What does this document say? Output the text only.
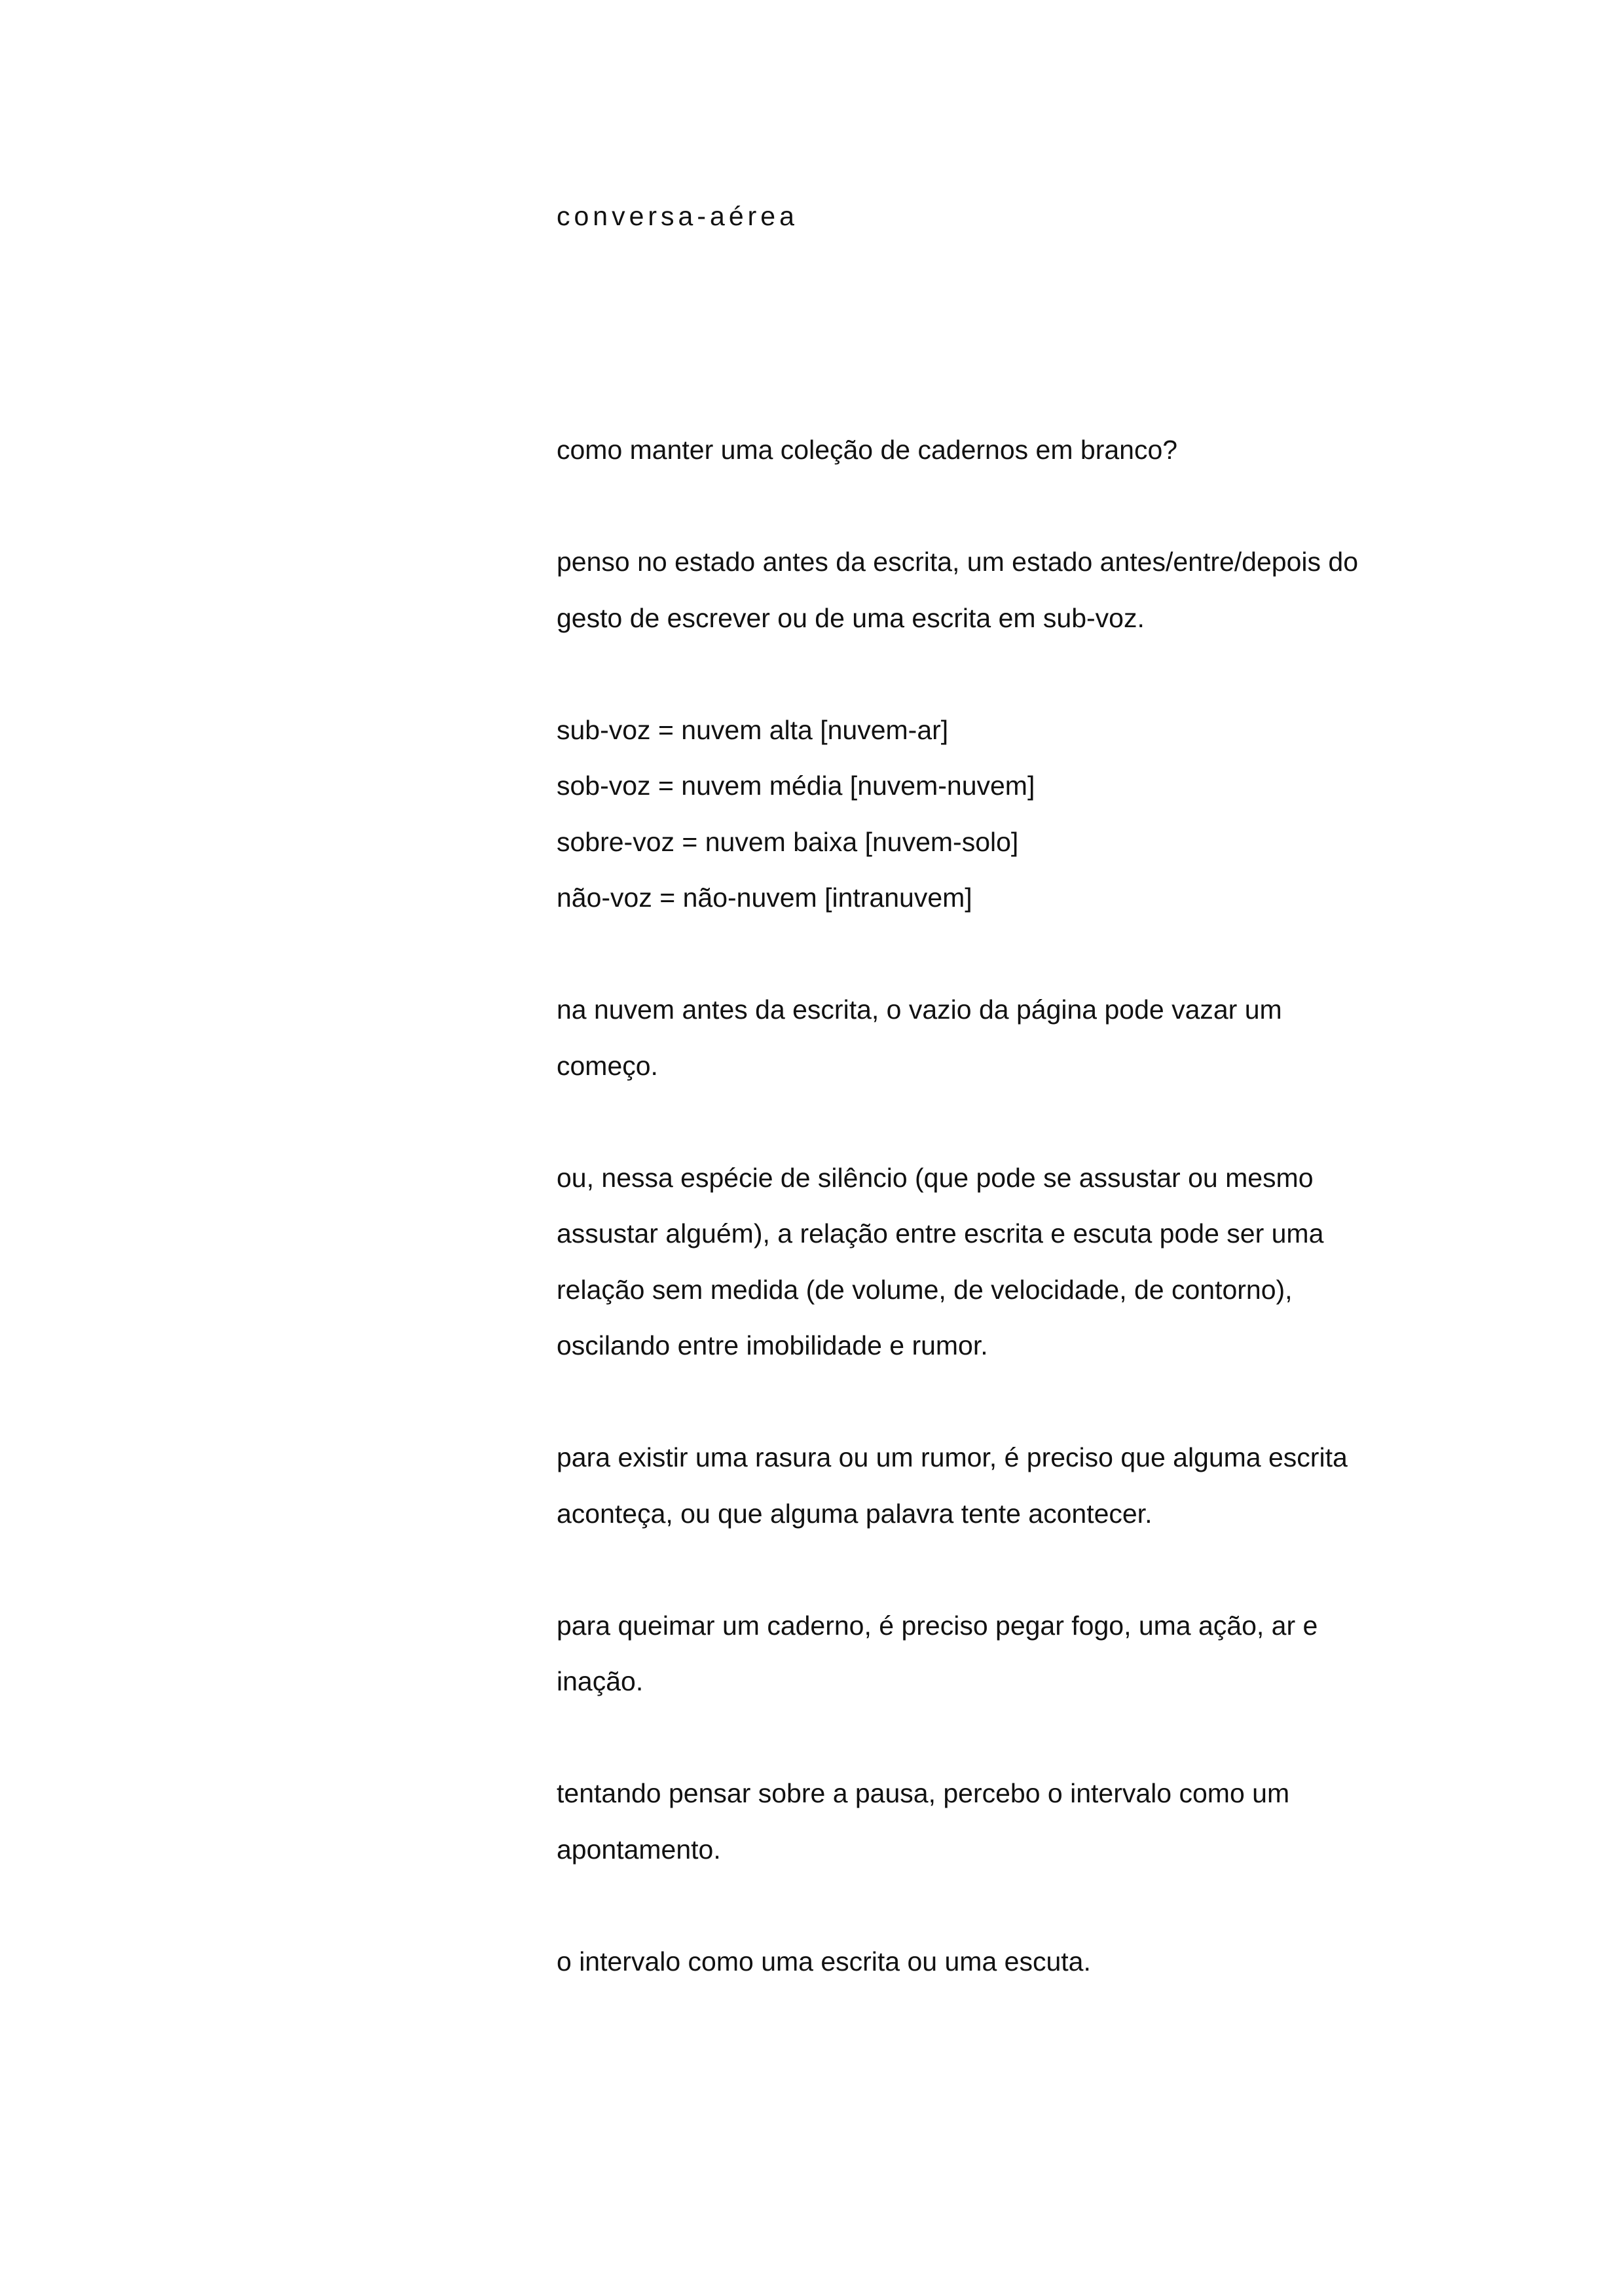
conversa-aérea

como manter uma coleção de cadernos em branco?

penso no estado antes da escrita, um estado antes/entre/depois do
gesto de escrever ou de uma escrita em sub-voz.

sub-voz = nuvem alta [nuvem-ar]
sob-voz = nuvem média [nuvem-nuvem]
sobre-voz = nuvem baixa [nuvem-solo]
não-voz = não-nuvem [intranuvem]

na nuvem antes da escrita, o vazio da página pode vazar um
começo.

ou, nessa espécie de silêncio (que pode se assustar ou mesmo
assustar alguém), a relação entre escrita e escuta pode ser uma
relação sem medida (de volume, de velocidade, de contorno),
oscilando entre imobilidade e rumor.

para existir uma rasura ou um rumor, é preciso que alguma escrita
aconteça, ou que alguma palavra tente acontecer.

para queimar um caderno, é preciso pegar fogo, uma ação, ar e
inação.

tentando pensar sobre a pausa, percebo o intervalo como um
apontamento.

o intervalo como uma escrita ou uma escuta.
